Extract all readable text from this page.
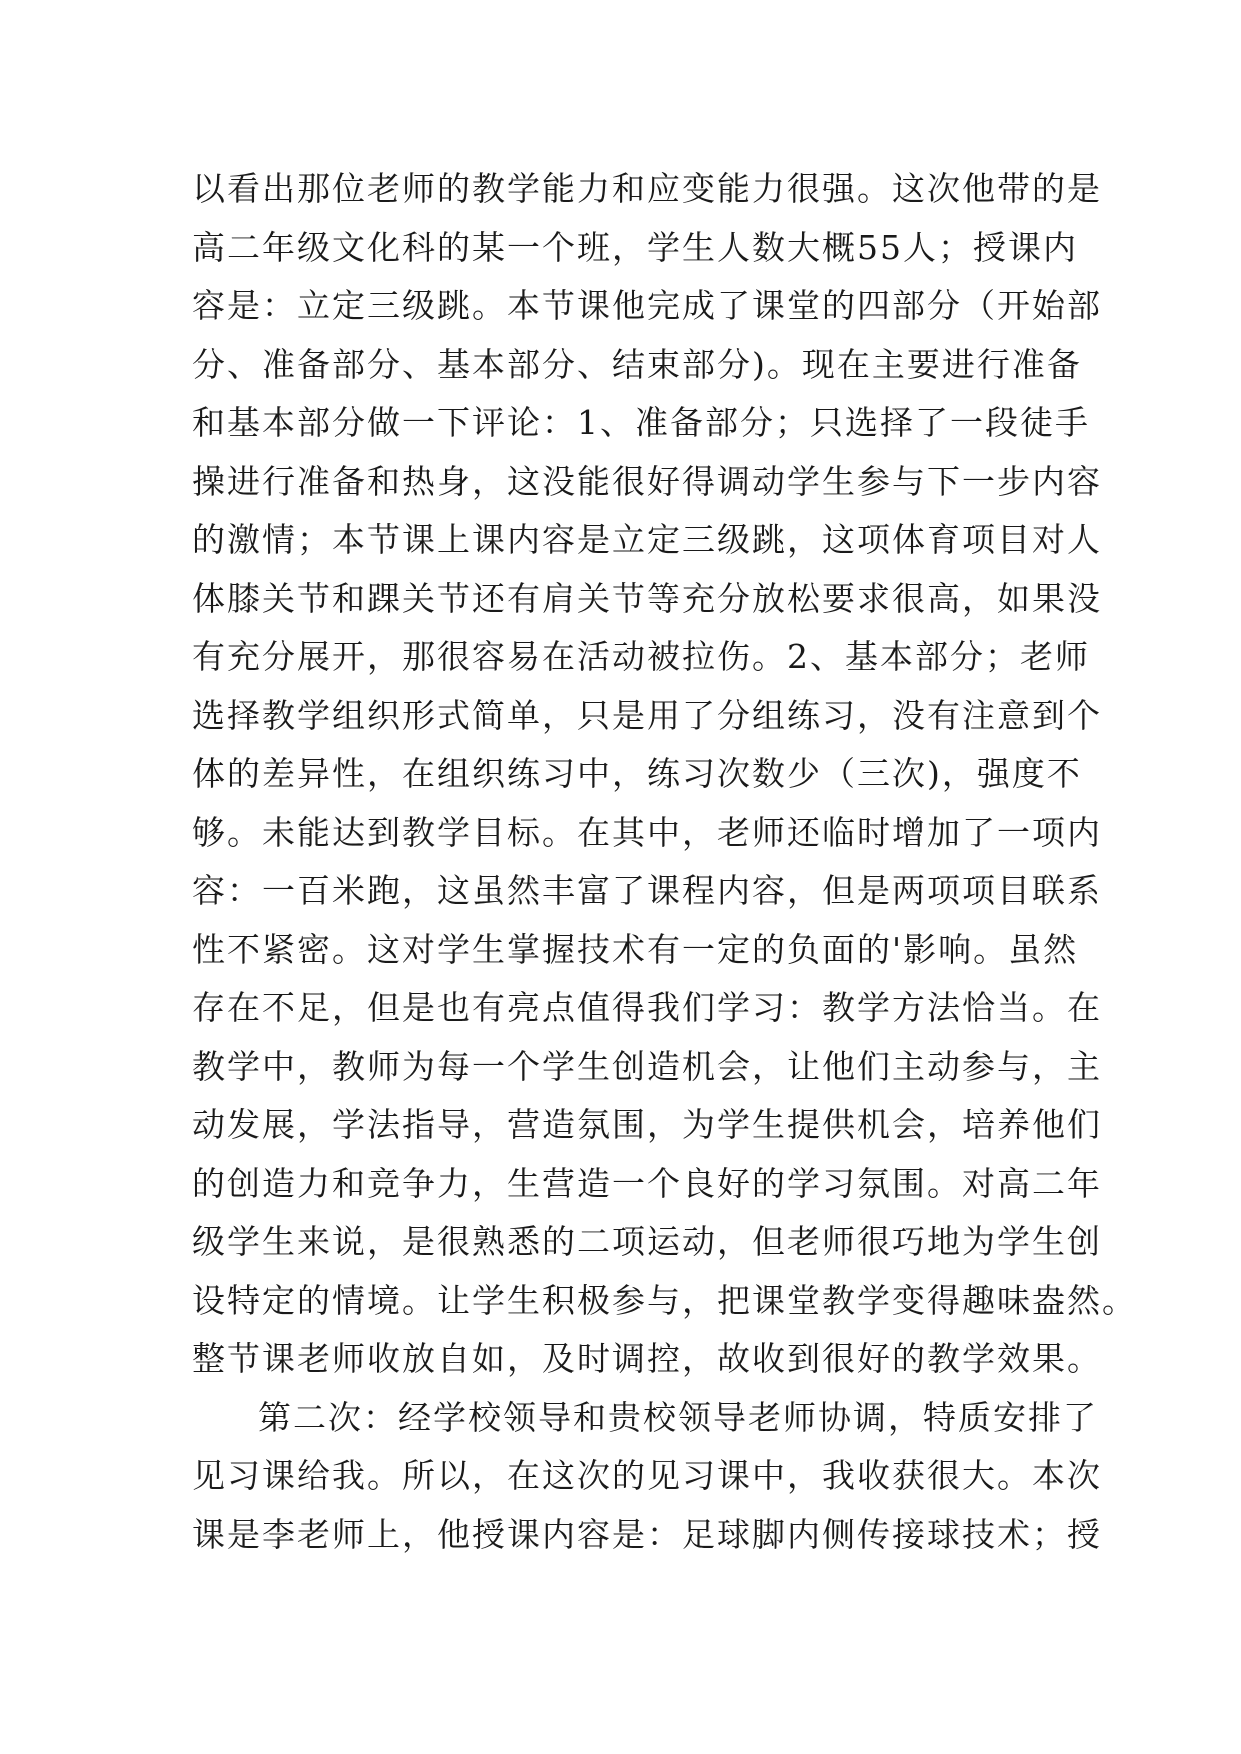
以看出那位老师的教学能力和应变能力很强。这次他带的是
高二年级文化科的某一个班，学生人数大概55人；授课内
容是：立定三级跳。本节课他完成了课堂的四部分（开始部
分、准备部分、基本部分、结束部分)。现在主要进行准备
和基本部分做一下评论：1、准备部分；只选择了一段徒手
操进行准备和热身，这没能很好得调动学生参与下一步内容
的激情；本节课上课内容是立定三级跳，这项体育项目对人
体膝关节和踝关节还有肩关节等充分放松要求很高，如果没
有充分展开，那很容易在活动被拉伤。2、基本部分；老师
选择教学组织形式简单，只是用了分组练习，没有注意到个
体的差异性，在组织练习中，练习次数少（三次)，强度不
够。未能达到教学目标。在其中，老师还临时增加了一项内
容：一百米跑，这虽然丰富了课程内容，但是两项项目联系
性不紧密。这对学生掌握技术有一定的负面的'影响。虽然
存在不足，但是也有亮点值得我们学习：教学方法恰当。在
教学中，教师为每一个学生创造机会，让他们主动参与，主
动发展，学法指导，营造氛围，为学生提供机会，培养他们
的创造力和竞争力，生营造一个良好的学习氛围。对高二年
级学生来说，是很熟悉的二项运动，但老师很巧地为学生创
设特定的情境。让学生积极参与，把课堂教学变得趣味盎然。
整节课老师收放自如，及时调控，故收到很好的教学效果。
第二次：经学校领导和贵校领导老师协调，特质安排了
见习课给我。所以，在这次的见习课中，我收获很大。本次
课是李老师上，他授课内容是：足球脚内侧传接球技术；授
